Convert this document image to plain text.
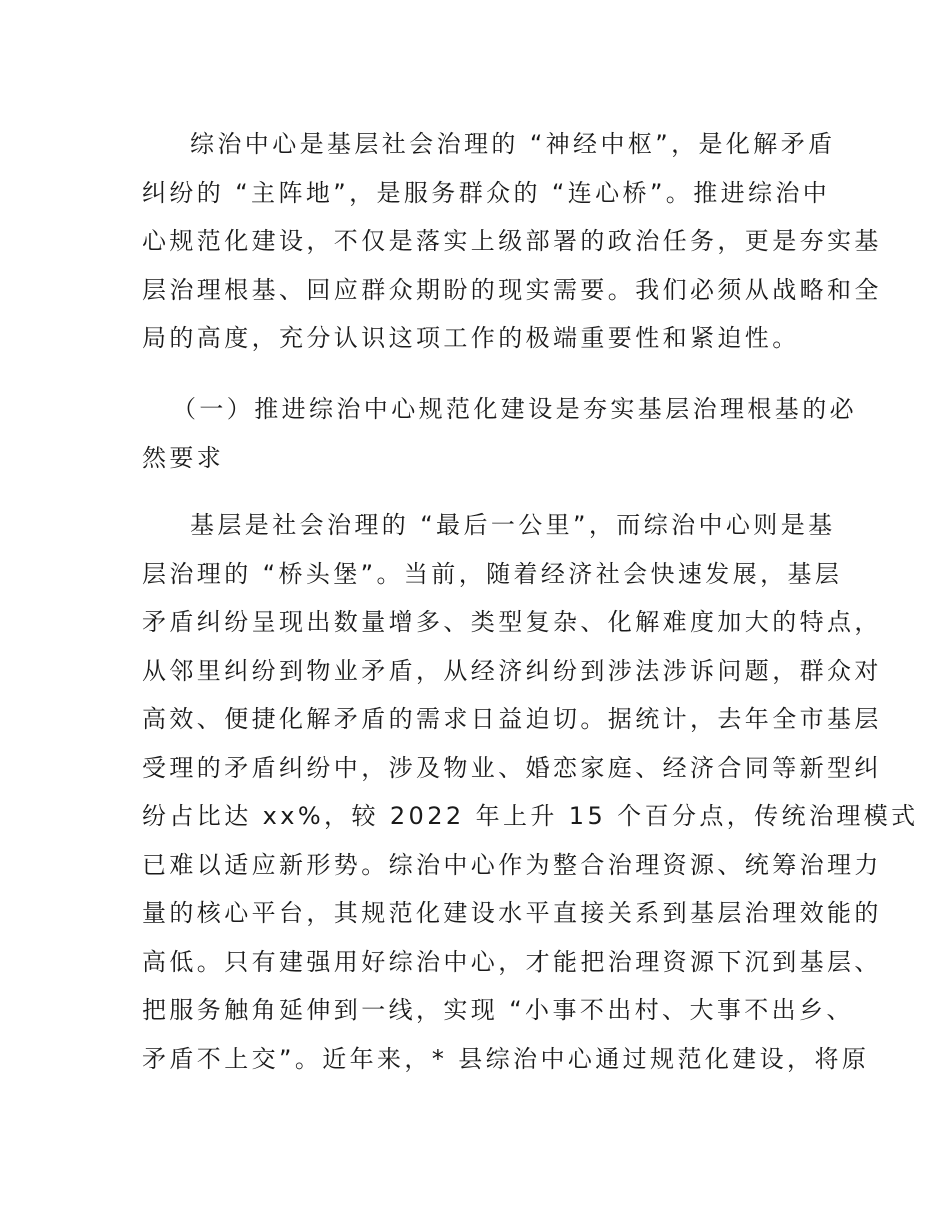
综治中心是基层社会治理的 “神经中枢”，是化解矛盾
纠纷的 “主阵地”，是服务群众的 “连心桥”。推进综治中
心规范化建设，不仅是落实上级部署的政治任务，更是夯实基
层治理根基、回应群众期盼的现实需要。我们必须从战略和全
局的高度，充分认识这项工作的极端重要性和紧迫性。
（一）推进综治中心规范化建设是夯实基层治理根基的必
然要求
基层是社会治理的 “最后一公里”，而综治中心则是基
层治理的 “桥头堡”。当前，随着经济社会快速发展，基层
矛盾纠纷呈现出数量增多、类型复杂、化解难度加大的特点，
从邻里纠纷到物业矛盾，从经济纠纷到涉法涉诉问题，群众对
高效、便捷化解矛盾的需求日益迫切。据统计，去年全市基层
受理的矛盾纠纷中，涉及物业、婚恋家庭、经济合同等新型纠
纷占比达 xx%，较 2022 年上升 15 个百分点，传统治理模式
已难以适应新形势。综治中心作为整合治理资源、统筹治理力
量的核心平台，其规范化建设水平直接关系到基层治理效能的
高低。只有建强用好综治中心，才能把治理资源下沉到基层、
把服务触角延伸到一线，实现 “小事不出村、大事不出乡、
矛盾不上交”。近年来，* 县综治中心通过规范化建设，将原
